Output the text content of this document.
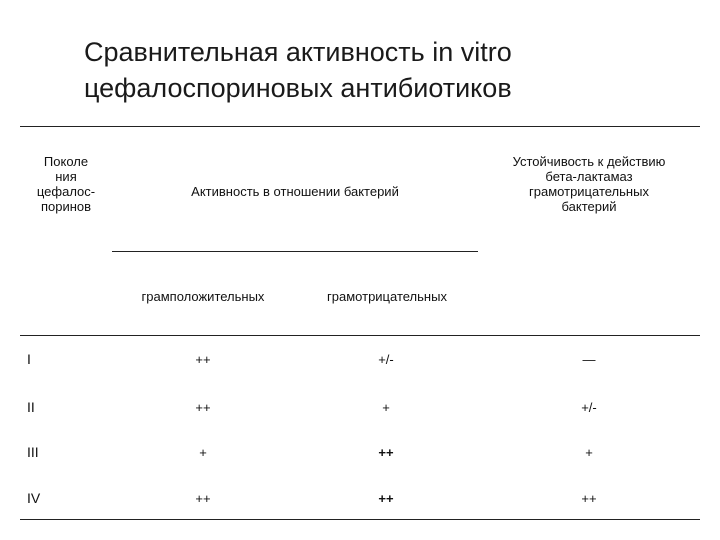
Сравнительная активность in vitro
цефалоспориновых антибиотиков
Поколе
ния
цефалос-
поринов
Активность в отношении бактерий
Устойчивость к действию
бета-лактамаз
грамотрицательных
бактерий
грамположительных	грамотрицательных
I	++	+/-	—
II	++	+	+/-
III	+	++	+
IV	++	++	++
